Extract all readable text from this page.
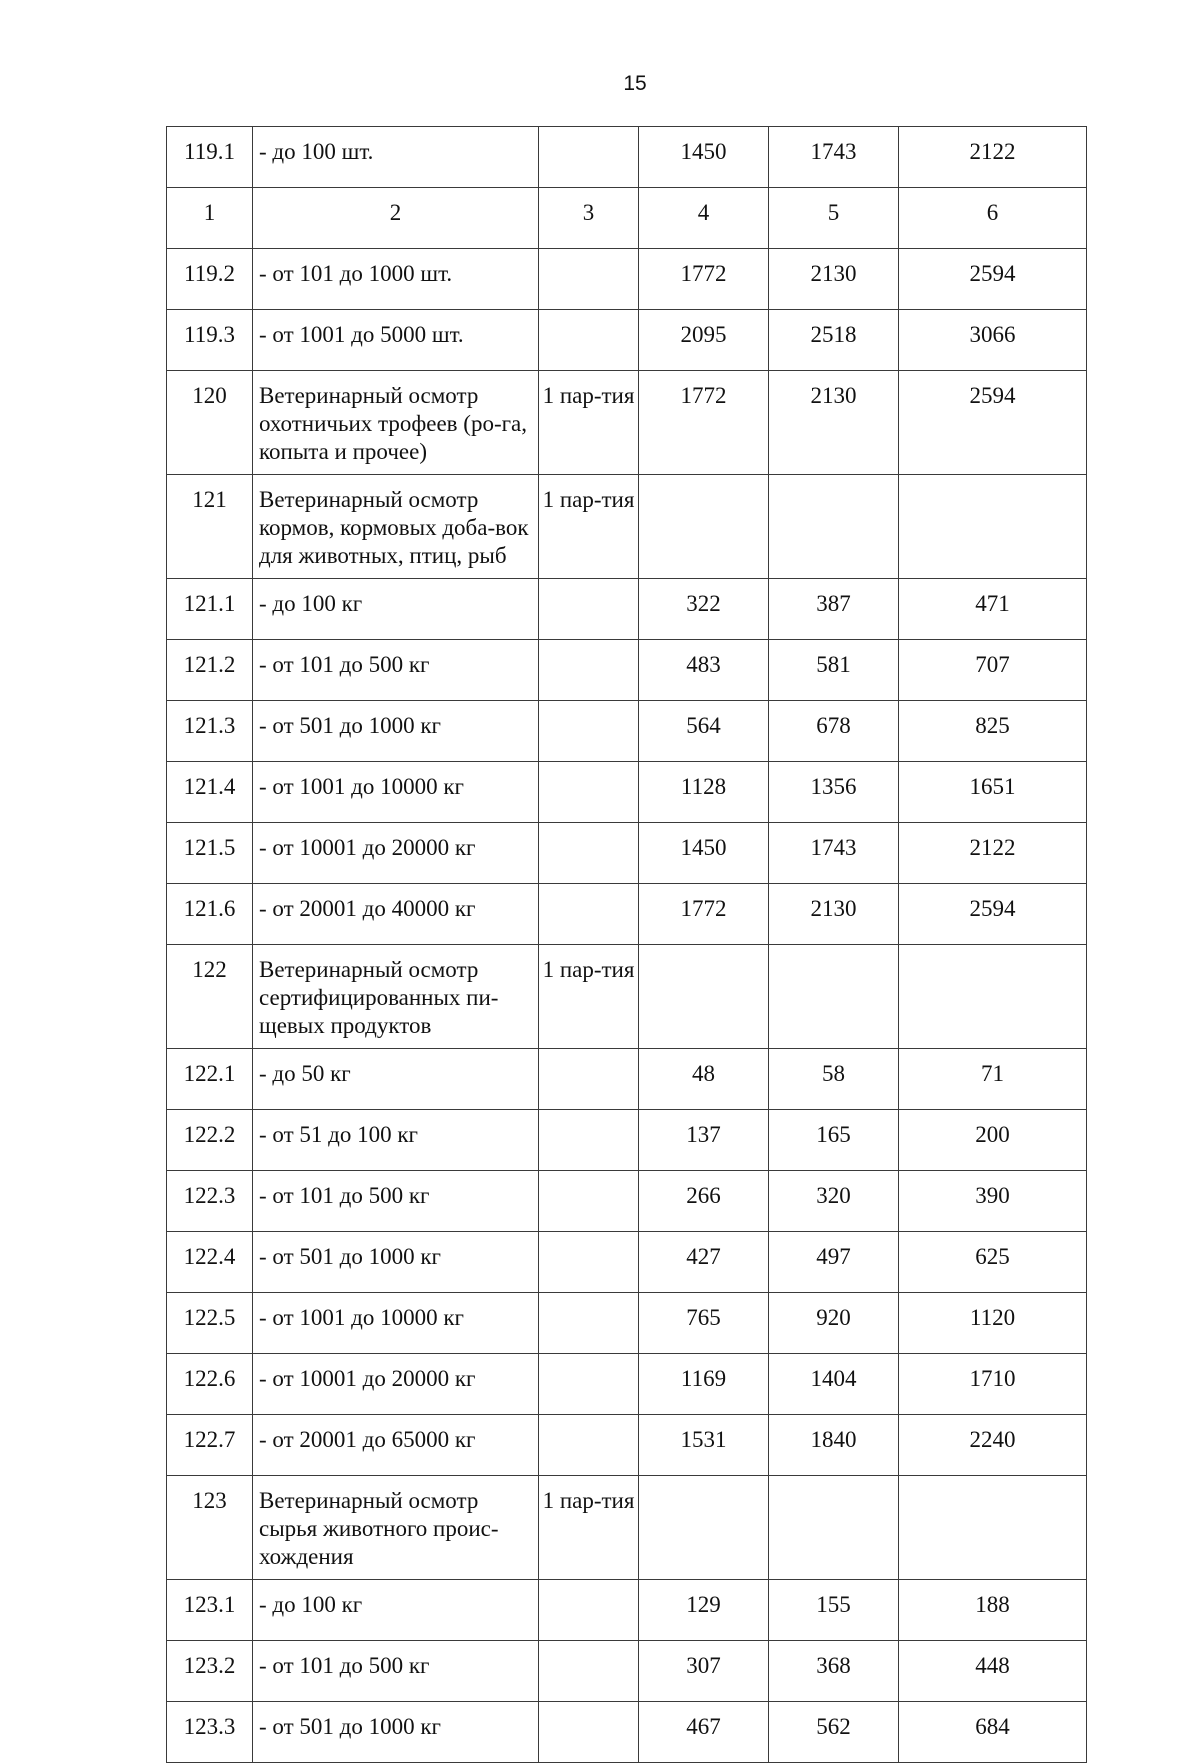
15
119.1	- до 100 шт.		1450	1743	2122
1	2	3	4	5	6
119.2	- от 101 до 1000 шт.		1772	2130	2594
119.3	- от 1001 до 5000 шт.		2095	2518	3066
120	Ветеринарный осмотр охотничьих трофеев (ро-га, копыта и прочее)	1 пар-тия	1772	2130	2594
121	Ветеринарный осмотр кормов, кормовых доба-вок для животных, птиц, рыб	1 пар-тия			
121.1	- до 100 кг		322	387	471
121.2	- от 101 до 500 кг		483	581	707
121.3	- от 501 до 1000 кг		564	678	825
121.4	- от 1001 до 10000 кг		1128	1356	1651
121.5	- от 10001 до 20000 кг		1450	1743	2122
121.6	- от 20001 до 40000 кг		1772	2130	2594
122	Ветеринарный осмотр сертифицированных пи-щевых продуктов	1 пар-тия			
122.1	- до 50 кг		48	58	71
122.2	- от 51 до 100 кг		137	165	200
122.3	- от 101 до 500 кг		266	320	390
122.4	- от 501 до 1000 кг		427	497	625
122.5	- от 1001 до 10000 кг		765	920	1120
122.6	- от 10001 до 20000 кг		1169	1404	1710
122.7	- от 20001 до 65000 кг		1531	1840	2240
123	Ветеринарный осмотр сырья животного проис-хождения	1 пар-тия			
123.1	- до 100 кг		129	155	188
123.2	- от 101 до 500 кг		307	368	448
123.3	- от 501 до 1000 кг		467	562	684
